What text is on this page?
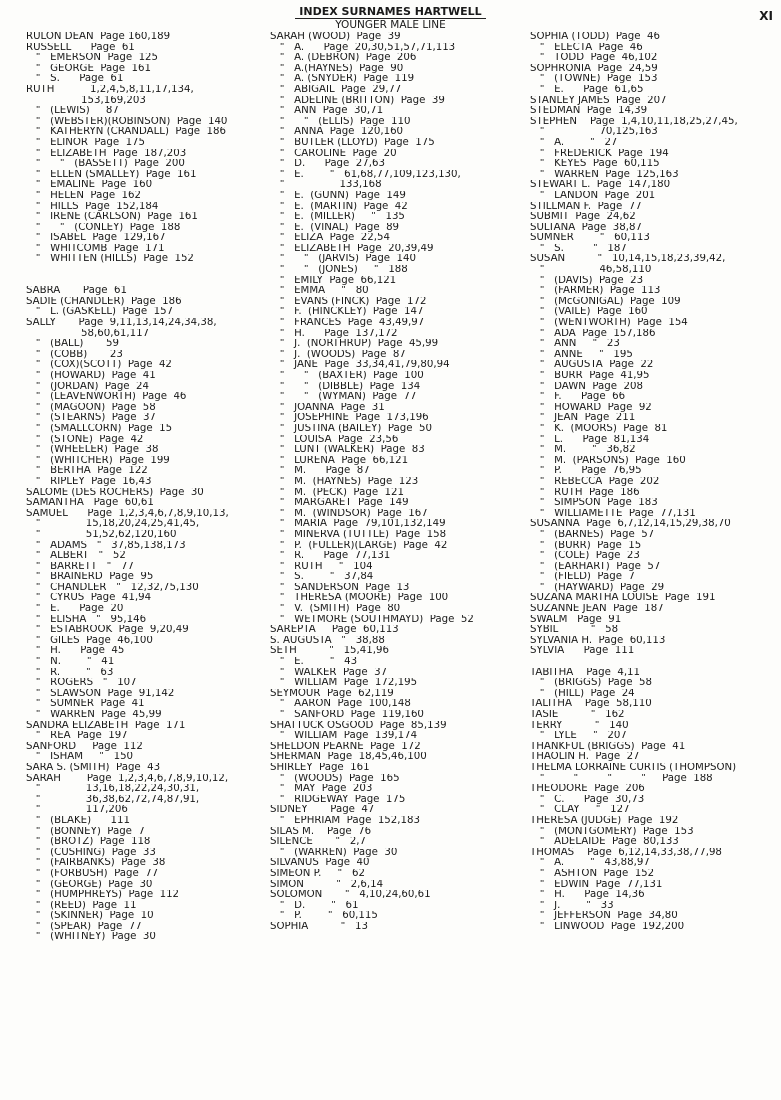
INDEX SURNAMES HARTWELL
YOUNGER MALE LINE
XI
RULON DEAN  Page 160,189
RUSSELL      Page  61
"   EMERSON  Page  125
"   GEORGE  Page  161
"   S.      Page  61
RUTH           1,2,4,5,8,11,17,134,
153,169,203
"   (LEWIS)     87
"   (WEBSTER)(ROBINSON)  Page  140
"   KATHERYN (CRANDALL)  Page  186
"   ELINOR  Page  175
"   ELIZABETH  Page  187,203
"      "   (BASSETT)  Page  200
"   ELLEN (SMALLEY)  Page  161
"   EMALINE  Page  160
"   HELEN  Page  162
"   HILLS  Page  152,184
"   IRENE (CARLSON)  Page  161
"      "   (CONLEY)  Page  188
"   ISABEL  Page  129,167
"   WHITCOMB  Page  171
"   WHITTEN (HILLS)  Page  152
SABRA       Page  61
SADIE (CHANDLER)  Page  186
"   L. (GASKELL)  Page  157
SALLY       Page  9,11,13,14,24,34,38,
58,60,61,117
"   (BALL)       59
"   (COBB)       23
"   (COX)(SCOTT)  Page  42
"   (HOWARD)  Page  41
"   (JORDAN)  Page  24
"   (LEAVENWORTH)  Page  46
"   (MAGOON)  Page  58
"   (STEARNS)  Page  37
"   (SMALLCORN)  Page  15
"   (STONE)  Page  42
"   (WHEELER)  Page  38
"   (WHITCHER)  Page  199
"   BERTHA  Page  122
"   RIPLEY  Page  16,43
SALOME (DES ROCHERS)  Page  30
SAMANTHA   Page  60,61
SAMUEL      Page  1,2,3,4,6,7,8,9,10,13,
"              15,18,20,24,25,41,45,
"              51,52,62,120,160
"   ADAMS   "   37,85,138,173
"   ALBERT   "   52
"   BARRETT   "   77
"   BRAINERD  Page  95
"   CHANDLER   "   12,32,75,130
"   CYRUS  Page  41,94
"   E.      Page  20
"   ELISHA   "   95,146
"   ESTABROOK  Page  9,20,49
"   GILES  Page  46,100
"   H.      Page  45
"   N.        "   41
"   R.        "   63
"   ROGERS   "   107
"   SLAWSON  Page  91,142
"   SUMNER  Page  41
"   WARREN  Page  45,99
SANDRA ELIZABETH  Page  171
"   REA  Page  197
SANFORD     Page  112
"   ISHAM     "   150
SARA S. (SMITH)  Page  43
SARAH        Page  1,2,3,4,6,7,8,9,10,12,
"              13,16,18,22,24,30,31,
"              36,38,62,72,74,87,91,
"              117,206
"   (BLAKE)      111
"   (BONNEY)  Page  7
"   (BROTZ)  Page  118
"   (CUSHING)  Page  33
"   (FAIRBANKS)  Page  38
"   (FORBUSH)  Page  77
"   (GEORGE)  Page  30
"   (HUMPHREYS)  Page  112
"   (REED)  Page  11
"   (SKINNER)  Page  10
"   (SPEAR)  Page  77
"   (WHITNEY)  Page  30
SARAH (WOOD)  Page  39
"   A.      Page  20,30,51,57,71,113
"   A. (DEBRON)  Page  206
"   A.(HAYNES)  Page  90
"   A. (SNYDER)  Page  119
"   ABIGAIL  Page  29,77
"   ADELINE (BRITTON)  Page  39
"   ANN  Page  30,71
"      "   (ELLIS)  Page  110
"   ANNA  Page  120,160
"   BUTLER (LLOYD)  Page  175
"   CAROLINE  Page  20
"   D.      Page  27,63
"   E.        "   61,68,77,109,123,130,
"                 133,168
"   E.  (GUNN)  Page  149
"   E.  (MARTIN)  Page  42
"   E.  (MILLER)     "   135
"   E.  (VINAL)  Page  89
"   ELIZA  Page  22,54
"   ELIZABETH  Page  20,39,49
"      "   (JARVIS)  Page  140
"      "   (JONES)     "   188
"   EMILY  Page  66,121
"   EMMA     "   80
"   EVANS (FINCK)  Page  172
"   F.  (HINCKLEY)  Page  147
"   FRANCES  Page  43,49,97
"   H.      Page  137,172
"   J.  (NORTHRUP)  Page  45,99
"   J.  (WOODS)  Page  87
"   JANE  Page  33,34,41,79,80,94
"      "   (BAXTER)  Page  100
"      "   (DIBBLE)  Page  134
"      "   (WYMAN)  Page  77
"   JOANNA  Page  31
"   JOSEPHINE  Page  173,196
"   JUSTINA (BAILEY)  Page  50
"   LOUISA  Page  23,56
"   LUNT (WALKER)  Page  83
"   LURENA  Page  66,121
"   M.      Page  87
"   M.  (HAYNES)  Page  123
"   M.  (PECK)  Page  121
"   MARGARET  Page  149
"   M.  (WINDSOR)  Page  167
"   MARIA  Page  79,101,132,149
"   MINERVA (TUTTLE)  Page  158
"   P.  (FULLER)(LARGE)  Page  42
"   R.      Page  77,131
"   RUTH     "   104
"   S.        "   37,84
"   SANDERSON  Page  13
"   THERESA (MOORE)  Page  100
"   V.  (SMITH)  Page  80
"   WETMORE (SOUTHMAYD)  Page  52
SAREPTA     Page  60,113
S. AUGUSTA   "   38,88
SETH          "   15,41,96
"   E.        "   43
"   WALKER  Page  37
"   WILLIAM  Page  172,195
SEYMOUR  Page  62,119
"   AARON  Page  100,148
"   SANFORD  Page  119,160
SHATTUCK OSGOOD  Page  85,139
"   WILLIAM  Page  139,174
SHELDON PEARNE  Page  172
SHERMAN  Page  18,45,46,100
SHIRLEY  Page  161
"   (WOODS)  Page  165
"   MAY  Page  203
"   RIDGEWAY  Page  175
SIDNEY       Page  47
"   EPHRIAM  Page  152,183
SILAS M.    Page  76
SILENCE       "   2,7
"   (WARREN)  Page  30
SILVANUS  Page  40
SIMEON P.     "   62
SIMON          "   2,6,14
SOLOMON       "   4,10,24,60,61
"   D.        "   61
"   P.        "   60,115
SOPHIA          "   13
SOPHIA (TODD)  Page  46
"   ELECTA  Page  46
"   TODD  Page  46,102
SOPHRONIA  Page  24,59
"   (TOWNE)  Page  153
"   E.      Page  61,65
STANLEY JAMES  Page  207
STEDMAN  Page  14,39
STEPHEN    Page  1,4,10,11,18,25,27,45,
"                 70,125,163
"   A.        "   27
"   FREDERICK  Page  194
"   KEYES  Page  60,115
"   WARREN  Page  125,163
STEWART L.  Page  147,180
"   LANDON  Page  201
STILLMAN F.  Page  77
SUBMIT  Page  24,62
SULTANA  Page  38,87
SUMNER        "   60,113
"   S.         "   187
SUSAN          "   10,14,15,18,23,39,42,
"                 46,58,110
"   (DAVIS)  Page  23
"   (FARMER)  Page  113
"   (McGONIGAL)  Page  109
"   (VAILE)  Page  160
"   (WENTWORTH)  Page  154
"   ADA  Page  157,186
"   ANN     "   23
"   ANNE     "   195
"   AUGUSTA  Page  22
"   BURR  Page  41,95
"   DAWN  Page  208
"   F.      Page  66
"   HOWARD  Page  92
"   JEAN  Page  211
"   K.  (MOORS)  Page  81
"   L.      Page  81,134
"   M.        "   36,82
"   M.  (PARSONS)  Page  160
"   P.      Page  76,95
"   REBECCA  Page  202
"   RUTH  Page  186
"   SIMPSON  Page  183
"   WILLIAMETTE  Page  77,131
SUSANNA  Page  6,7,12,14,15,29,38,70
"   (BARNES)  Page  57
"   (BURR)  Page  15
"   (COLE)  Page  23
"   (EARHART)  Page  57
"   (FIELD)  Page  7
"   (HAYWARD)  Page  29
SUZANA MARTHA LOUISE  Page  191
SUZANNE JEAN  Page  187
SWALM   Page  91
SYBIL          "   58
SYLVANIA H.  Page  60,113
SYLVIA      Page  111
TABITHA    Page  4,11
"   (BRIGGS)  Page  58
"   (HILL)  Page  24
TALITHA    Page  58,110
TASIE          "   162
TERRY          "   140
"   LYLE     "   207
THANKFUL (BRIGGS)  Page  41
THAOLIN H.  Page  27
THELMA LORRAINE CURTIS (THOMPSON)
"         "         "         "     Page  188
THEODORE  Page  206
"   C.      Page  30,73
"   CLAY     "   127
THERESA (JUDGE)  Page  192
"   (MONTGOMERY)  Page  153
"   ADELAIDE  Page  80,133
THOMAS    Page  6,12,14,33,38,77,98
"   A.        "   43,88,97
"   ASHTON  Page  152
"   EDWIN  Page  77,131
"   H.      Page  14,36
"   J.        "   33
"   JEFFERSON  Page  34,80
"   LINWOOD  Page  192,200
